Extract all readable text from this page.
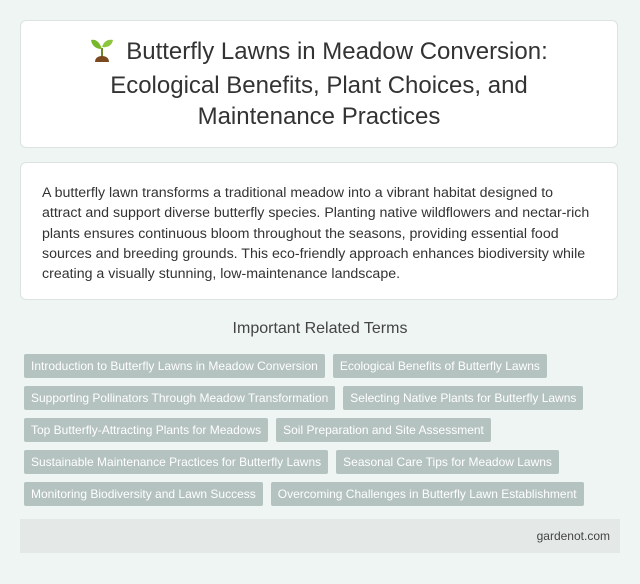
Butterfly Lawns in Meadow Conversion: Ecological Benefits, Plant Choices, and Maintenance Practices

A butterfly lawn transforms a traditional meadow into a vibrant habitat designed to attract and support diverse butterfly species. Planting native wildflowers and nectar-rich plants ensures continuous bloom throughout the seasons, providing essential food sources and breeding grounds. This eco-friendly approach enhances biodiversity while creating a visually stunning, low-maintenance landscape.

Important Related Terms
Introduction to Butterfly Lawns in Meadow Conversion	Ecological Benefits of Butterfly Lawns
Supporting Pollinators Through Meadow Transformation	Selecting Native Plants for Butterfly Lawns
Top Butterfly-Attracting Plants for Meadows	Soil Preparation and Site Assessment
Sustainable Maintenance Practices for Butterfly Lawns	Seasonal Care Tips for Meadow Lawns
Monitoring Biodiversity and Lawn Success	Overcoming Challenges in Butterfly Lawn Establishment
gardenot.com
